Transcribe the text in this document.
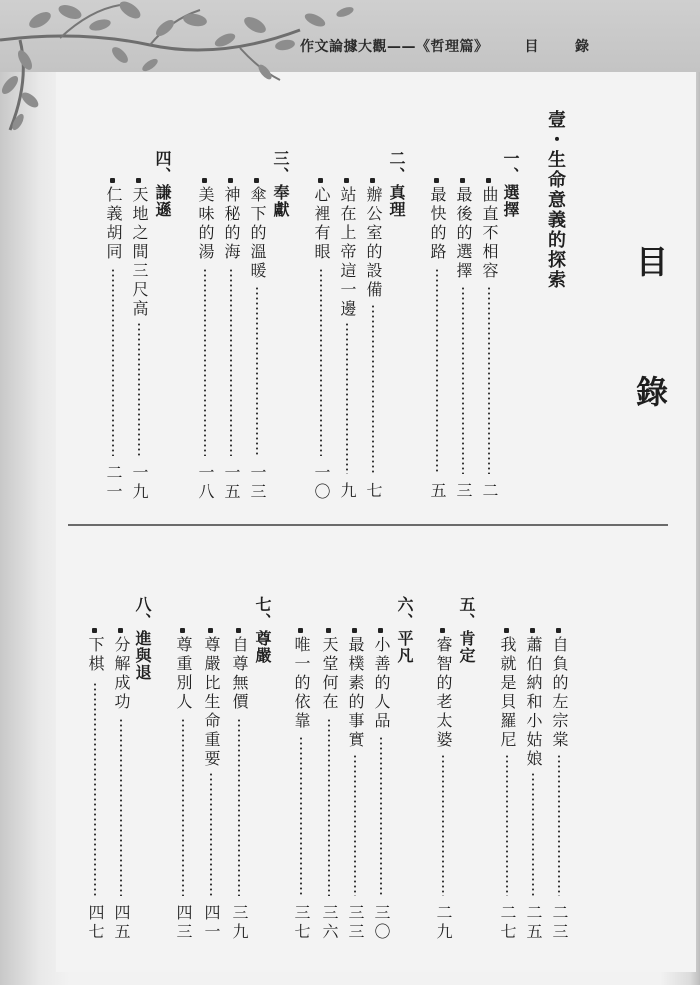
作文論據大觀——《哲理篇》	目	錄
目
錄
壹・生命意義的探索
一、選擇
曲直不相容
二
最後的選擇
三
最快的路
五
二、真理
辦公室的設備
七
站在上帝這一邊
九
心裡有眼
一〇
三、奉獻
傘下的溫暖
一三
神秘的海
一五
美味的湯
一八
四、謙遜
天地之間三尺高
一九
仁義胡同
二一
自負的左宗棠
二三
蕭伯納和小姑娘
二五
我就是貝羅尼
二七
五、肯定
睿智的老太婆
二九
六、平凡
小善的人品
三〇
最樸素的事實
三三
天堂何在
三六
唯一的依靠
三七
七、尊嚴
自尊無價
三九
尊嚴比生命重要
四一
尊重別人
四三
八、進與退
分解成功
四五
下棋
四七
